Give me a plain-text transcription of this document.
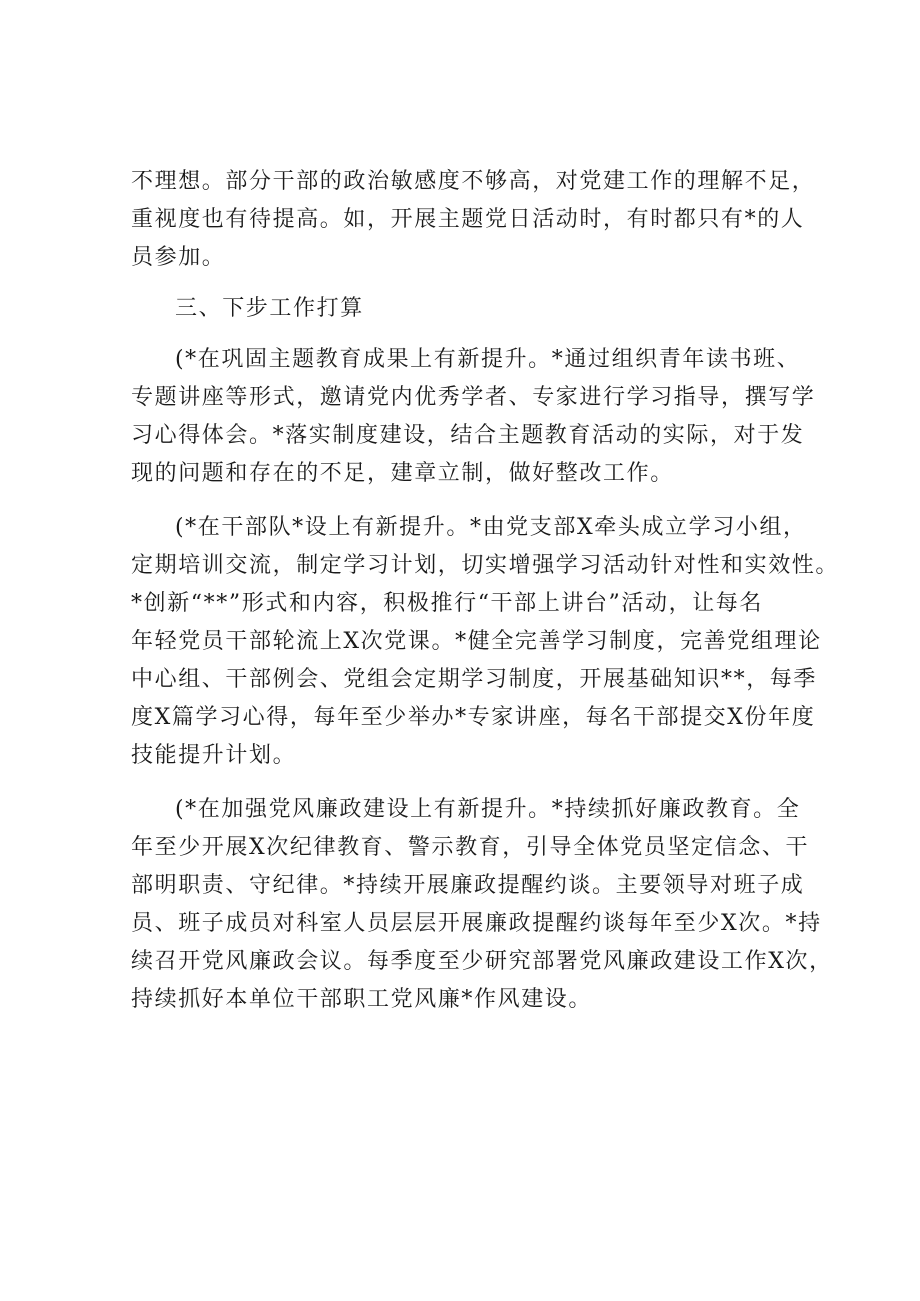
不理想。部分干部的政治敏感度不够高，对党建工作的理解不足，
重视度也有待提高。如，开展主题党日活动时，有时都只有*的人
员参加。
三、下步工作打算
(*在巩固主题教育成果上有新提升。*通过组织青年读书班、
专题讲座等形式，邀请党内优秀学者、专家进行学习指导，撰写学
习心得体会。*落实制度建设，结合主题教育活动的实际，对于发
现的问题和存在的不足，建章立制，做好整改工作。
(*在干部队*设上有新提升。*由党支部X牵头成立学习小组，
定期培训交流，制定学习计划，切实增强学习活动针对性和实效性。
*创新“**”形式和内容，积极推行“干部上讲台”活动，让每名
年轻党员干部轮流上X次党课。*健全完善学习制度，完善党组理论
中心组、干部例会、党组会定期学习制度，开展基础知识**，每季
度X篇学习心得，每年至少举办*专家讲座，每名干部提交X份年度
技能提升计划。
(*在加强党风廉政建设上有新提升。*持续抓好廉政教育。全
年至少开展X次纪律教育、警示教育，引导全体党员坚定信念、干
部明职责、守纪律。*持续开展廉政提醒约谈。主要领导对班子成
员、班子成员对科室人员层层开展廉政提醒约谈每年至少X次。*持
续召开党风廉政会议。每季度至少研究部署党风廉政建设工作X次，
持续抓好本单位干部职工党风廉*作风建设。
